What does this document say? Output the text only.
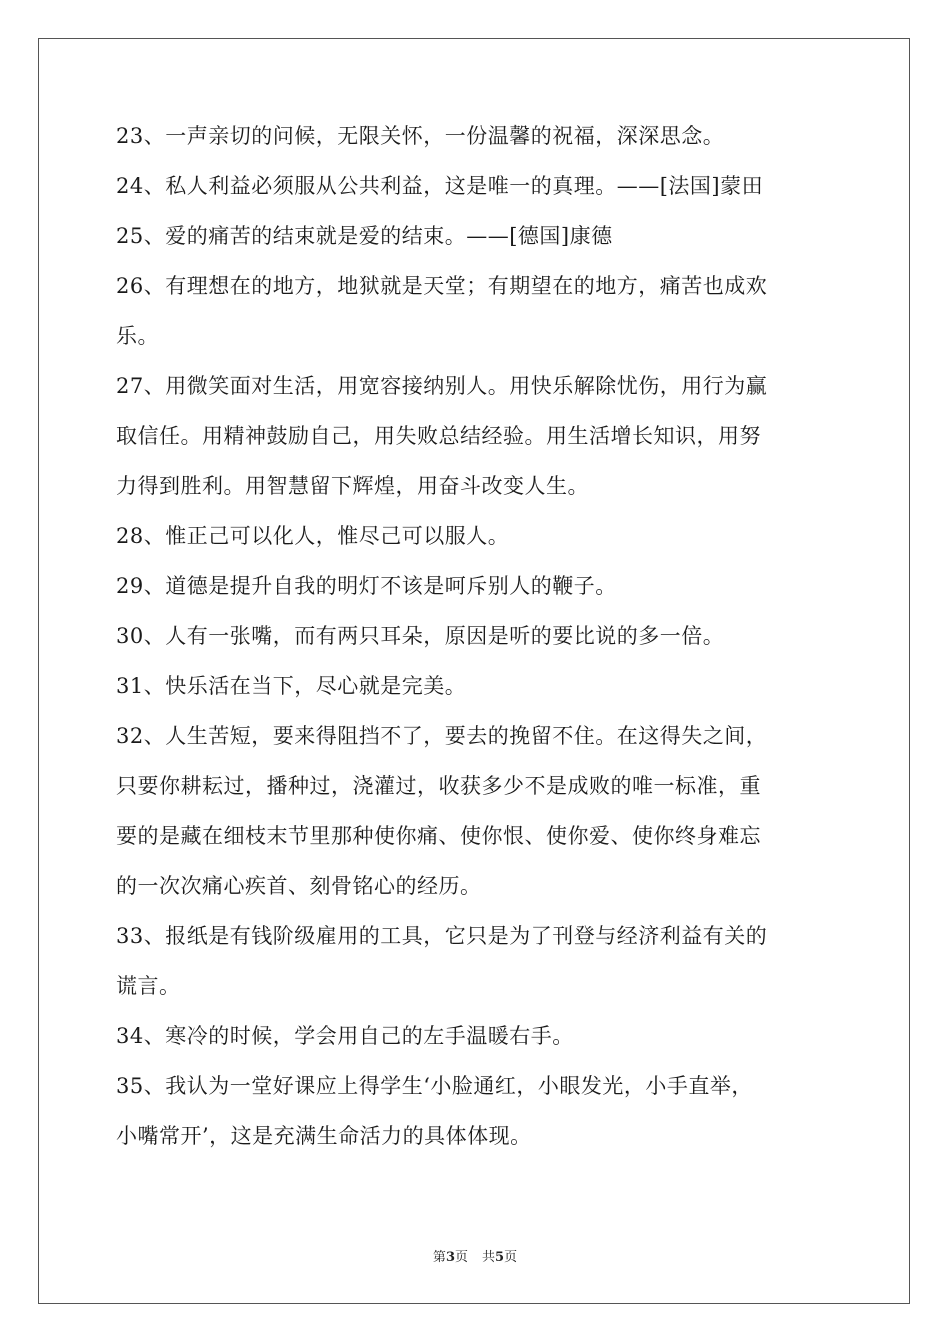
23、一声亲切的问候，无限关怀，一份温馨的祝福，深深思念。
24、私人利益必须服从公共利益，这是唯一的真理。——[法国]蒙田
25、爱的痛苦的结束就是爱的结束。——[德国]康德
26、有理想在的地方，地狱就是天堂；有期望在的地方，痛苦也成欢
乐。
27、用微笑面对生活，用宽容接纳别人。用快乐解除忧伤，用行为赢
取信任。用精神鼓励自己，用失败总结经验。用生活增长知识，用努
力得到胜利。用智慧留下辉煌，用奋斗改变人生。
28、惟正己可以化人，惟尽己可以服人。
29、道德是提升自我的明灯不该是呵斥别人的鞭子。
30、人有一张嘴，而有两只耳朵，原因是听的要比说的多一倍。
31、快乐活在当下，尽心就是完美。
32、人生苦短，要来得阻挡不了，要去的挽留不住。在这得失之间，
只要你耕耘过，播种过，浇灌过，收获多少不是成败的唯一标准，重
要的是藏在细枝末节里那种使你痛、使你恨、使你爱、使你终身难忘
的一次次痛心疾首、刻骨铭心的经历。
33、报纸是有钱阶级雇用的工具，它只是为了刊登与经济利益有关的
谎言。
34、寒冷的时候，学会用自己的左手温暖右手。
35、我认为一堂好课应上得学生‘小脸通红，小眼发光，小手直举，
小嘴常开’，这是充满生命活力的具体体现。
第3页 共5页
